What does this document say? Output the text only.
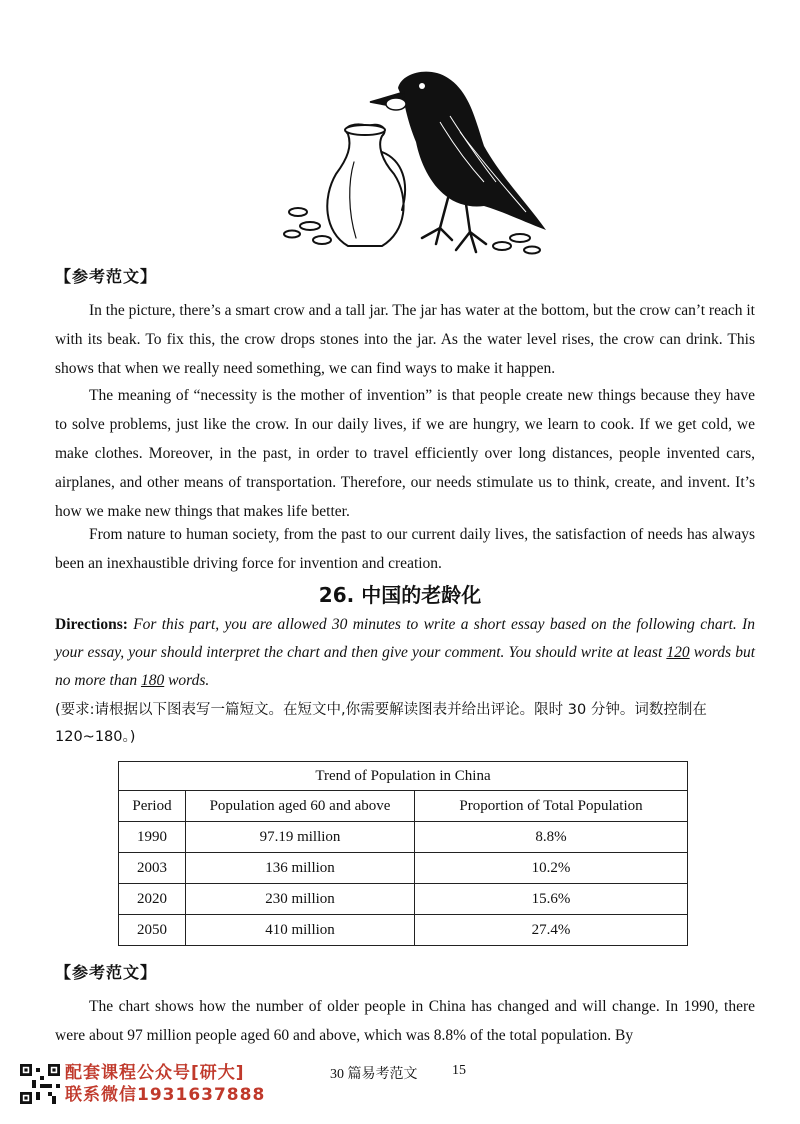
【参考范文】

In the picture, there’s a smart crow and a tall jar. The jar has water at the bottom, but the crow can’t reach it with its beak. To fix this, the crow drops stones into the jar. As the water level rises, the crow can drink. This shows that when we really need something, we can find ways to make it happen.

The meaning of “necessity is the mother of invention” is that people create new things because they have to solve problems, just like the crow. In our daily lives, if we are hungry, we learn to cook. If we get cold, we make clothes. Moreover, in the past, in order to travel efficiently over long distances, people invented cars, airplanes, and other means of transportation. Therefore, our needs stimulate us to think, create, and invent. It’s how we make new things that makes life better.

From nature to human society, from the past to our current daily lives, the satisfaction of needs has always been an inexhaustible driving force for invention and creation.

26. 中国的老龄化

Directions: For this part, you are allowed 30 minutes to write a short essay based on the following chart. In your essay, your should interpret the chart and then give your comment. You should write at least 120 words but no more than 180 words.

(要求:请根据以下图表写一篇短文。在短文中,你需要解读图表并给出评论。限时 30 分钟。词数控制在 120~180。)

Trend of Population in China		
Period	Population aged 60 and above	Proportion of Total Population
1990	97.19 million	8.8%
2003	136 million	10.2%
2020	230 million	15.6%
2050	410 million	27.4%
【参考范文】

The chart shows how the number of older people in China has changed and will change. In 1990, there were about 97 million people aged 60 and above, which was 8.8% of the total population. By

配套课程公众号[研大]
联系微信1931637888
30 篇易考范文 15
